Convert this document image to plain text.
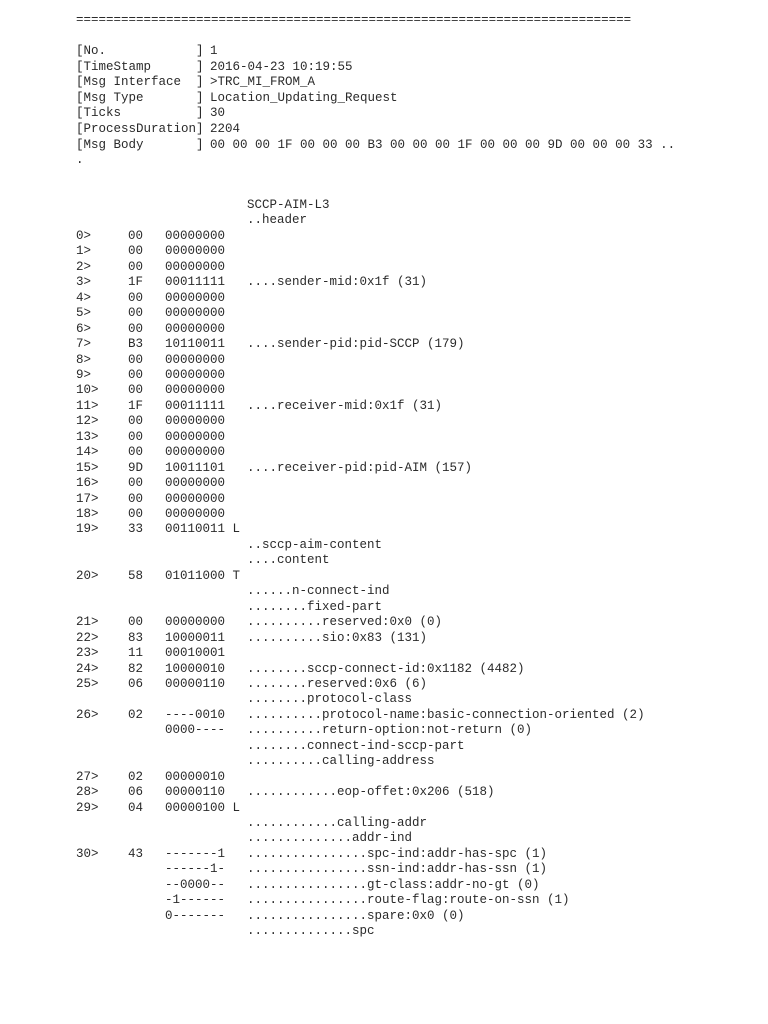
==========================================================================
[No.            ] 1
[TimeStamp      ] 2016-04-23 10:19:55
[Msg Interface  ] >TRC_MI_FROM_A
[Msg Type       ] Location_Updating_Request
[Ticks          ] 30
[ProcessDuration] 2204
[Msg Body       ] 00 00 00 1F 00 00 00 B3 00 00 00 1F 00 00 00 9D 00 00 00 33 ..
.
SCCP-AIM-L3
..header
0>	00 00000000
1>	00 00000000
2>	00 00000000
3>	1F 00011111 ....sender-mid:0x1f (31)
4>	00 00000000
5>	00 00000000
6>	00 00000000
7>	B3 10110011 ....sender-pid:pid-SCCP (179)
8>	00 00000000
9>	00 00000000
10> 00 00000000
11> 1F 00011111 ....receiver-mid:0x1f (31)
12> 00 00000000
13> 00 00000000
14> 00 00000000
15> 9D 10011101 ....receiver-pid:pid-AIM (157)
16> 00 00000000
17> 00 00000000
18> 00 00000000
19> 33 00110011 L
..sccp-aim-content
....content
20> 58 01011000 T
......n-connect-ind
........fixed-part
21> 00 00000000 ..........reserved:0x0 (0)
22> 83 10000011 ..........sio:0x83 (131)
23> 11 00010001
24> 82 10000010 ........sccp-connect-id:0x1182 (4482)
25> 06 00000110 ........reserved:0x6 (6)
........protocol-class
26> 02 ----0010 ..........protocol-name:basic-connection-oriented (2)
0000---- ..........return-option:not-return (0)
........connect-ind-sccp-part
..........calling-address
27> 02 00000010
28> 06 00000110 ............eop-offet:0x206 (518)
29> 04 00000100 L
............calling-addr
..............addr-ind
30> 43 -------1 ................spc-ind:addr-has-spc (1)
------1- ................ssn-ind:addr-has-ssn (1)
--0000-- ................gt-class:addr-no-gt (0)
-1------ ................route-flag:route-on-ssn (1)
0------- ................spare:0x0 (0)
..............spc
